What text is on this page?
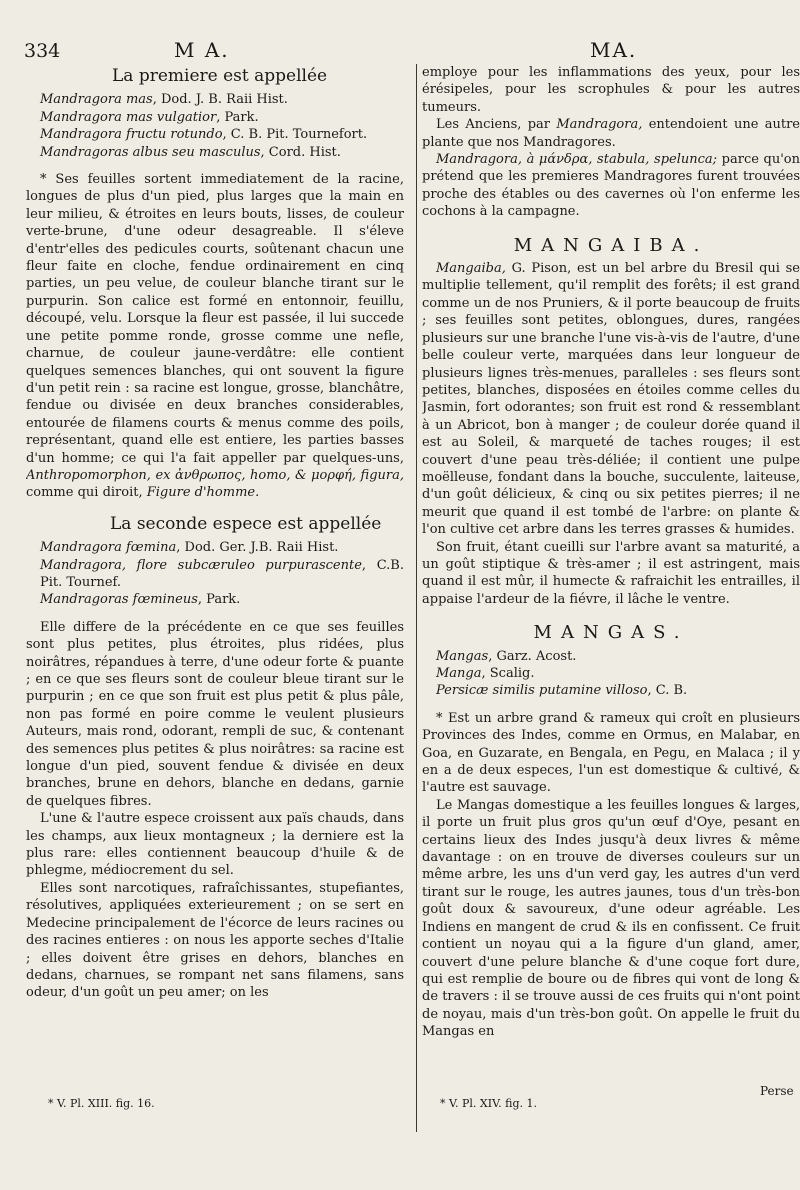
334	M A.	MA.

La premiere est appellée

Mandragora mas, Dod. J. B. Raii Hist.

Mandragora mas vulgatior, Park.

Mandragora fructu rotundo, C. B. Pit. Tournefort.

Mandragoras albus seu masculus, Cord. Hist.

* Ses feuilles sortent immediatement de la racine, longues de plus d'un pied, plus larges que la main en leur milieu, & étroites en leurs bouts, lisses, de couleur verte-brune, d'une odeur desagreable. Il s'éleve d'entr'elles des pedicules courts, soûtenant chacun une fleur faite en cloche, fendue ordinairement en cinq parties, un peu velue, de couleur blanche tirant sur le purpurin. Son calice est formé en entonnoir, feuillu, découpé, velu. Lorsque la fleur est passée, il lui succede une petite pomme ronde, grosse comme une nefle, charnue, de couleur jaune-verdâtre: elle contient quelques semences blanches, qui ont souvent la figure d'un petit rein : sa racine est longue, grosse, blanchâtre, fendue ou divisée en deux branches considerables, entourée de filamens courts & menus comme des poils, représentant, quand elle est entiere, les parties basses d'un homme; ce qui l'a fait appeller par quelques-uns, Anthropomorphon, ex ἀνθρωπος, homo, & μορφή, figura, comme qui diroit, Figure d'homme.

La seconde espece est appellée

Mandragora fœmina, Dod. Ger. J.B. Raii Hist.

Mandragora, flore subcæruleo purpurascente, C.B. Pit. Tournef.

Mandragoras fœmineus, Park.

Elle differe de la précédente en ce que ses feuilles sont plus petites, plus étroites, plus ridées, plus noirâtres, répandues à terre, d'une odeur forte & puante ; en ce que ses fleurs sont de couleur bleue tirant sur le purpurin ; en ce que son fruit est plus petit & plus pâle, non pas formé en poire comme le veulent plusieurs Auteurs, mais rond, odorant, rempli de suc, & contenant des semences plus petites & plus noirâtres: sa racine est longue d'un pied, souvent fendue & divisée en deux branches, brune en dehors, blanche en dedans, garnie de quelques fibres.

L'une & l'autre espece croissent aux païs chauds, dans les champs, aux lieux montagneux ; la derniere est la plus rare: elles contiennent beaucoup d'huile & de phlegme, médiocrement du sel.

Elles sont narcotiques, rafraîchissantes, stupefiantes, résolutives, appliquées exterieurement ; on se sert en Medecine principalement de l'écorce de leurs racines ou des racines entieres : on nous les apporte seches d'Italie ; elles doivent être grises en dehors, blanches en dedans, charnues, se rompant net sans filamens, sans odeur, d'un goût un peu amer; on les

* V. Pl. XIII. fig. 16.

employe pour les inflammations des yeux, pour les érésipeles, pour les scrophules & pour les autres tumeurs.

Les Anciens, par Mandragora, entendoient une autre plante que nos Mandragores.

Mandragora, à μάνδρα, stabula, spelunca; parce qu'on prétend que les premieres Mandragores furent trouvées proche des étables ou des cavernes où l'on enferme les cochons à la campagne.

MANGAIBA.

Mangaiba, G. Pison, est un bel arbre du Bresil qui se multiplie tellement, qu'il remplit des forêts; il est grand comme un de nos Pruniers, & il porte beaucoup de fruits ; ses feuilles sont petites, oblongues, dures, rangées plusieurs sur une branche l'une vis-à-vis de l'autre, d'une belle couleur verte, marquées dans leur longueur de plusieurs lignes très-menues, paralleles : ses fleurs sont petites, blanches, disposées en étoiles comme celles du Jasmin, fort odorantes; son fruit est rond & ressemblant à un Abricot, bon à manger ; de couleur dorée quand il est au Soleil, & marqueté de taches rouges; il est couvert d'une peau très-déliée; il contient une pulpe moëlleuse, fondant dans la bouche, succulente, laiteuse, d'un goût délicieux, & cinq ou six petites pierres; il ne meurit que quand il est tombé de l'arbre: on plante & l'on cultive cet arbre dans les terres grasses & humides.

Son fruit, étant cueilli sur l'arbre avant sa maturité, a un goût stiptique & très-amer ; il est astringent, mais quand il est mûr, il humecte & rafraichit les entrailles, il appaise l'ardeur de la fiévre, il lâche le ventre.

MANGAS.

Mangas, Garz. Acost.

Manga, Scalig.

Persicæ similis putamine villoso, C. B.

* Est un arbre grand & rameux qui croît en plusieurs Provinces des Indes, comme en Ormus, en Malabar, en Goa, en Guzarate, en Bengala, en Pegu, en Malaca ; il y en a de deux especes, l'un est domestique & cultivé, & l'autre est sauvage.

Le Mangas domestique a les feuilles longues & larges, il porte un fruit plus gros qu'un œuf d'Oye, pesant en certains lieux des Indes jusqu'à deux livres & même davantage : on en trouve de diverses couleurs sur un même arbre, les uns d'un verd gay, les autres d'un verd tirant sur le rouge, les autres jaunes, tous d'un très-bon goût doux & savoureux, d'une odeur agréable. Les Indiens en mangent de crud & ils en confissent. Ce fruit contient un noyau qui a la figure d'un gland, amer, couvert d'une pelure blanche & d'une coque fort dure, qui est remplie de boure ou de fibres qui vont de long & de travers : il se trouve aussi de ces fruits qui n'ont point de noyau, mais d'un très-bon goût. On appelle le fruit du Mangas en

Perse
* V. Pl. XIV. fig. 1.
